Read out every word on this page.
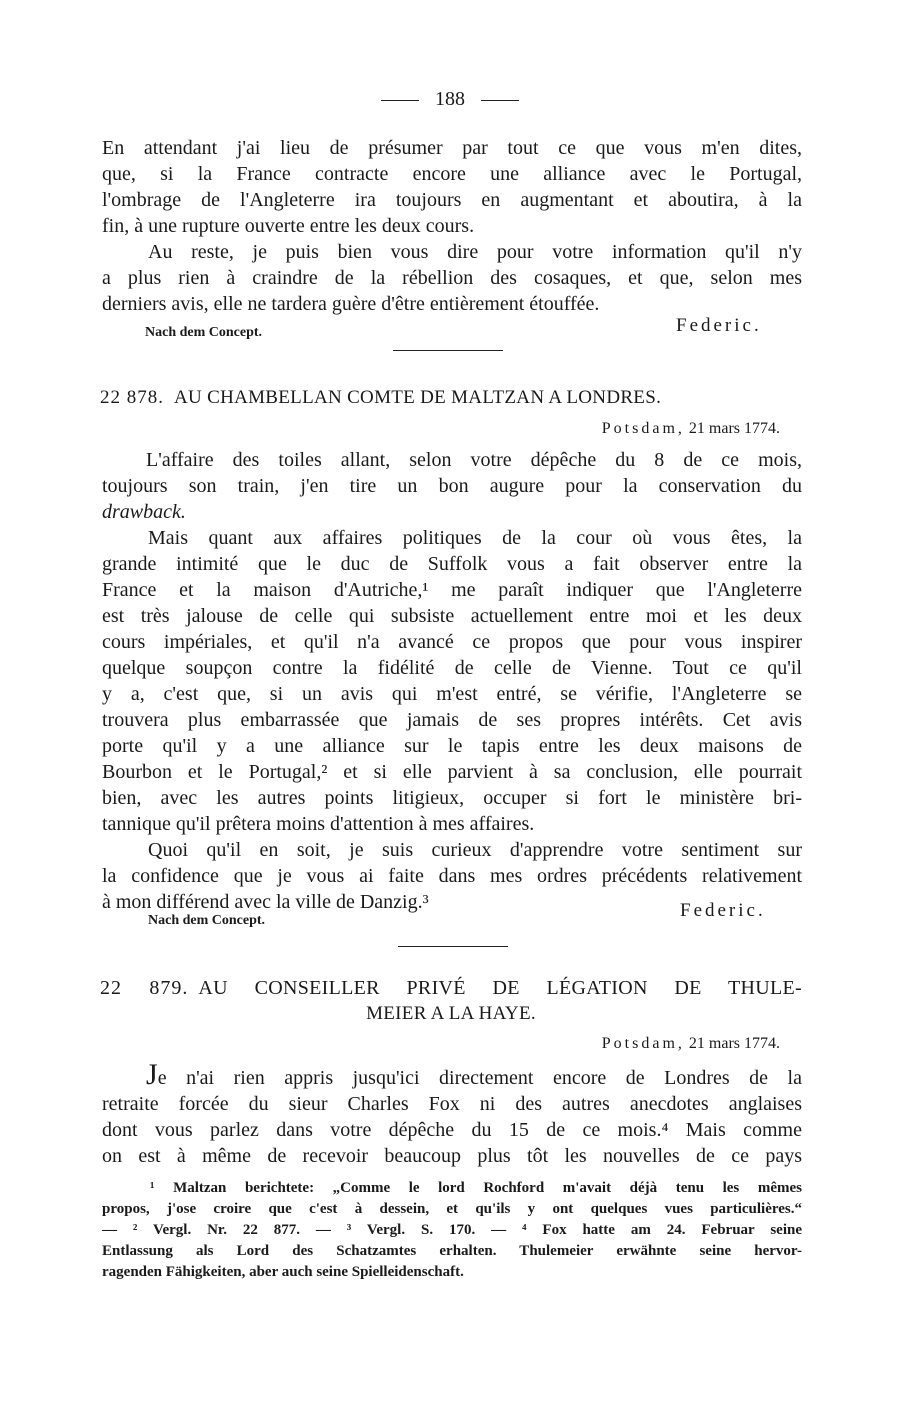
188
En attendant j'ai lieu de présumer par tout ce que vous m'en dites,
que, si la France contracte encore une alliance avec le Portugal,
l'ombrage de l'Angleterre ira toujours en augmentant et aboutira, à la
fin, à une rupture ouverte entre les deux cours.
Au reste, je puis bien vous dire pour votre information qu'il n'y
a plus rien à craindre de la rébellion des cosaques, et que, selon mes
derniers avis, elle ne tardera guère d'être entièrement étouffée.
Nach dem Concept.	Federic.
22 878. AU CHAMBELLAN COMTE DE MALTZAN A LONDRES.
Potsdam, 21 mars 1774.
L'affaire des toiles allant, selon votre dépêche du 8 de ce mois,
toujours son train, j'en tire un bon augure pour la conservation du
drawback.
Mais quant aux affaires politiques de la cour où vous êtes, la
grande intimité que le duc de Suffolk vous a fait observer entre la
France et la maison d'Autriche,¹ me paraît indiquer que l'Angleterre
est très jalouse de celle qui subsiste actuellement entre moi et les deux
cours impériales, et qu'il n'a avancé ce propos que pour vous inspirer
quelque soupçon contre la fidélité de celle de Vienne. Tout ce qu'il
y a, c'est que, si un avis qui m'est entré, se vérifie, l'Angleterre se
trouvera plus embarrassée que jamais de ses propres intérêts. Cet avis
porte qu'il y a une alliance sur le tapis entre les deux maisons de
Bourbon et le Portugal,² et si elle parvient à sa conclusion, elle pourrait
bien, avec les autres points litigieux, occuper si fort le ministère bri-
tannique qu'il prêtera moins d'attention à mes affaires.
Quoi qu'il en soit, je suis curieux d'apprendre votre sentiment sur
la confidence que je vous ai faite dans mes ordres précédents relativement
à mon différend avec la ville de Danzig.³
Nach dem Concept.	Federic.
22 879. AU CONSEILLER PRIVÉ DE LÉGATION DE THULE-
MEIER A LA HAYE.
Potsdam, 21 mars 1774.
Je n'ai rien appris jusqu'ici directement encore de Londres de la
retraite forcée du sieur Charles Fox ni des autres anecdotes anglaises
dont vous parlez dans votre dépêche du 15 de ce mois.⁴ Mais comme
on est à même de recevoir beaucoup plus tôt les nouvelles de ce pays
¹ Maltzan berichtete: „Comme le lord Rochford m'avait déjà tenu les mêmes
propos, j'ose croire que c'est à dessein, et qu'ils y ont quelques vues particulières.“
— ² Vergl. Nr. 22 877. — ³ Vergl. S. 170. — ⁴ Fox hatte am 24. Februar seine
Entlassung als Lord des Schatzamtes erhalten. Thulemeier erwähnte seine hervor-
ragenden Fähigkeiten, aber auch seine Spielleidenschaft.
